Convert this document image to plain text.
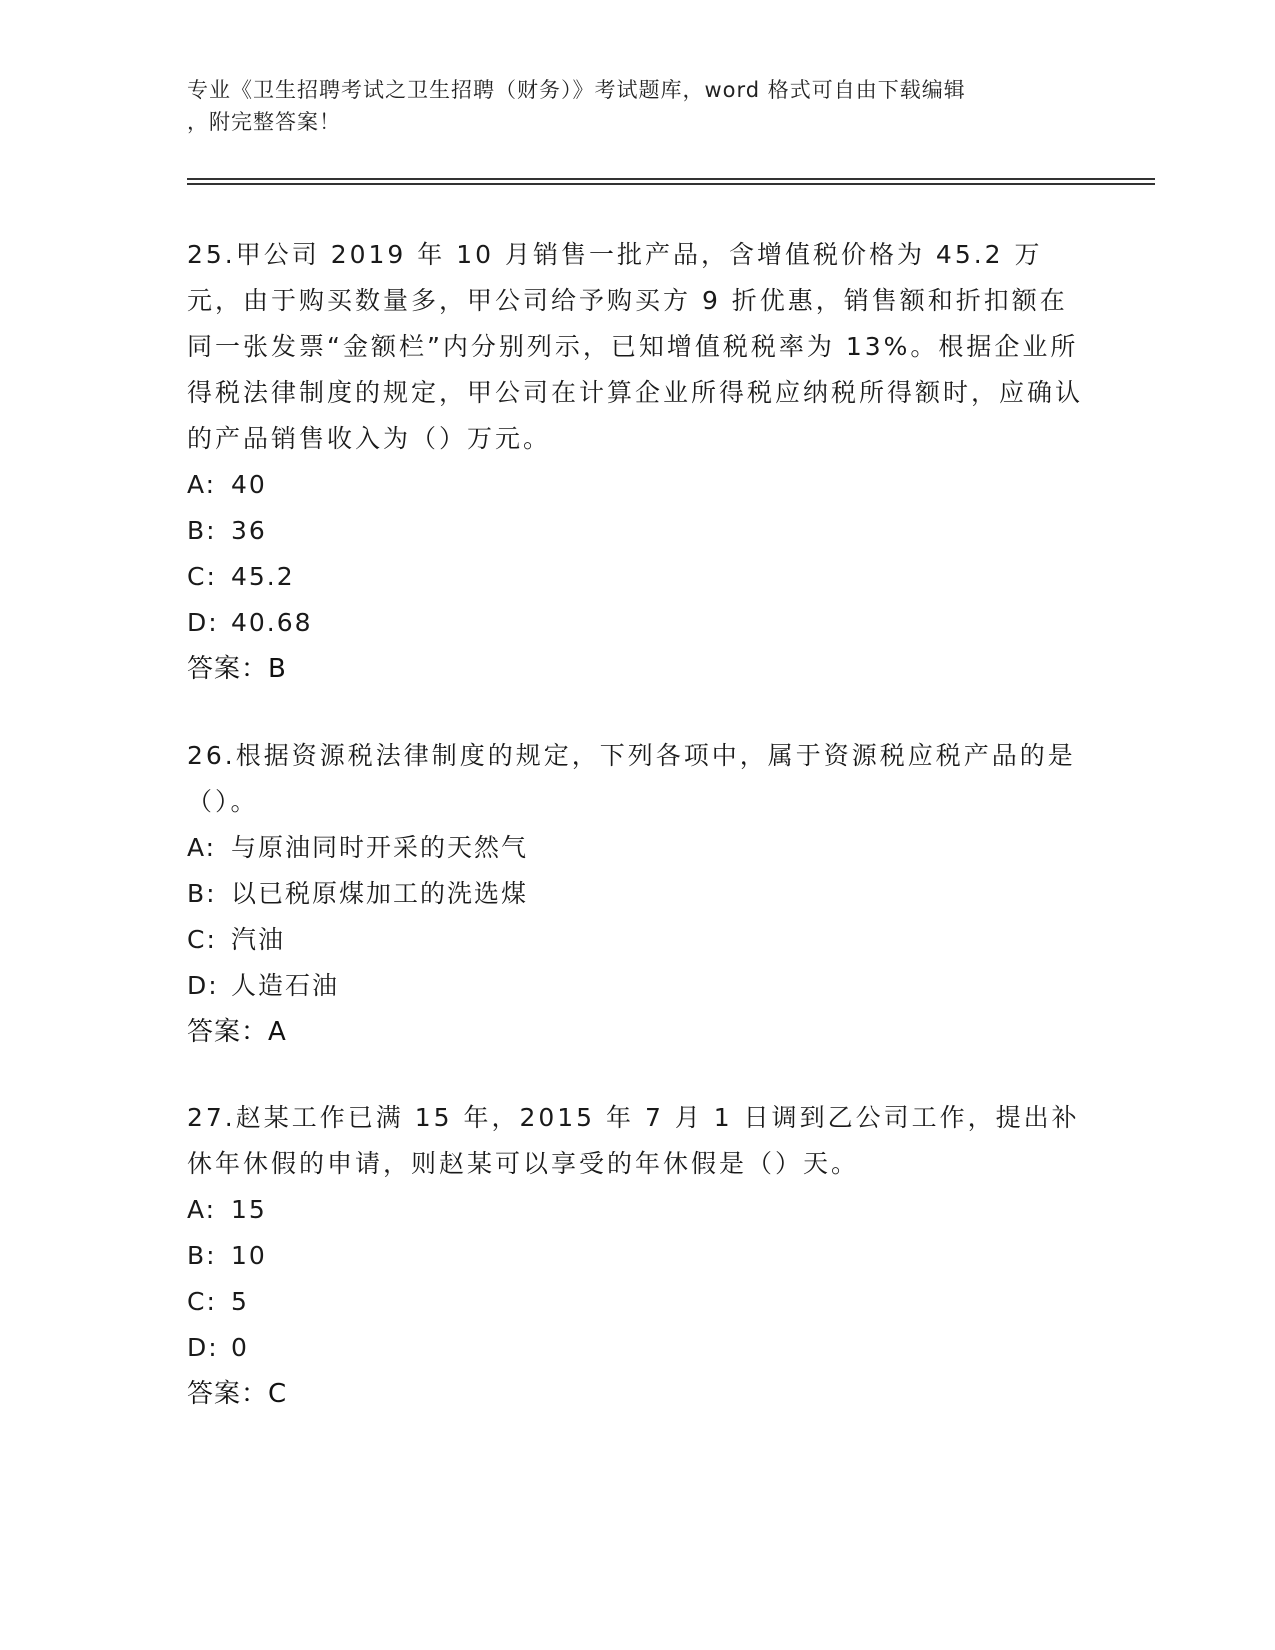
专业《卫生招聘考试之卫生招聘（财务）》考试题库，word 格式可自由下载编辑
，附完整答案！

25.甲公司 2019 年 10 月销售一批产品，含增值税价格为 45.2 万元，由于购买数量多，甲公司给予购买方 9 折优惠，销售额和折扣额在同一张发票“金额栏”内分别列示，已知增值税税率为 13%。根据企业所得税法律制度的规定，甲公司在计算企业所得税应纳税所得额时，应确认的产品销售收入为（）万元。

A: 40
B: 36
C: 45.2
D: 40.68
答案：B

26.根据资源税法律制度的规定，下列各项中，属于资源税应税产品的是（）。

A: 与原油同时开采的天然气
B: 以已税原煤加工的洗选煤
C: 汽油
D: 人造石油
答案：A

27.赵某工作已满 15 年，2015 年 7 月 1 日调到乙公司工作，提出补休年休假的申请，则赵某可以享受的年休假是（）天。

A: 15
B: 10
C: 5
D: 0
答案：C
